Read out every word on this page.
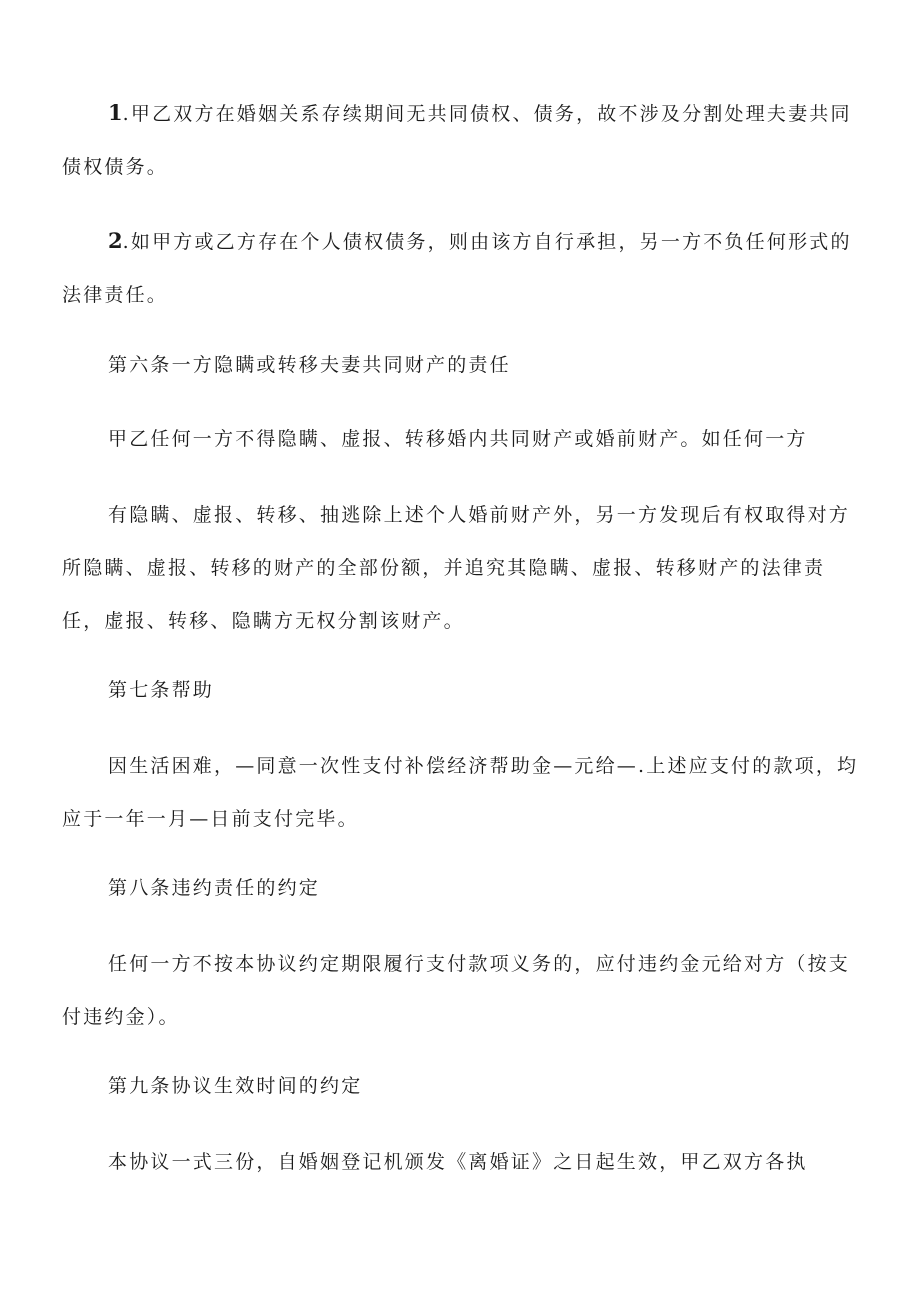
1.甲乙双方在婚姻关系存续期间无共同债权、债务，故不涉及分割处理夫妻共同债权债务。

2.如甲方或乙方存在个人债权债务，则由该方自行承担，另一方不负任何形式的法律责任。

第六条一方隐瞒或转移夫妻共同财产的责任

甲乙任何一方不得隐瞒、虚报、转移婚内共同财产或婚前财产。如任何一方

有隐瞒、虚报、转移、抽逃除上述个人婚前财产外，另一方发现后有权取得对方所隐瞒、虚报、转移的财产的全部份额，并追究其隐瞒、虚报、转移财产的法律责任，虚报、转移、隐瞒方无权分割该财产。

第七条帮助

因生活困难，—同意一次性支付补偿经济帮助金—元给—.上述应支付的款项，均应于一年一月—日前支付完毕。

第八条违约责任的约定

任何一方不按本协议约定期限履行支付款项义务的，应付违约金元给对方（按支付违约金）。

第九条协议生效时间的约定

本协议一式三份，自婚姻登记机颁发《离婚证》之日起生效，甲乙双方各执
